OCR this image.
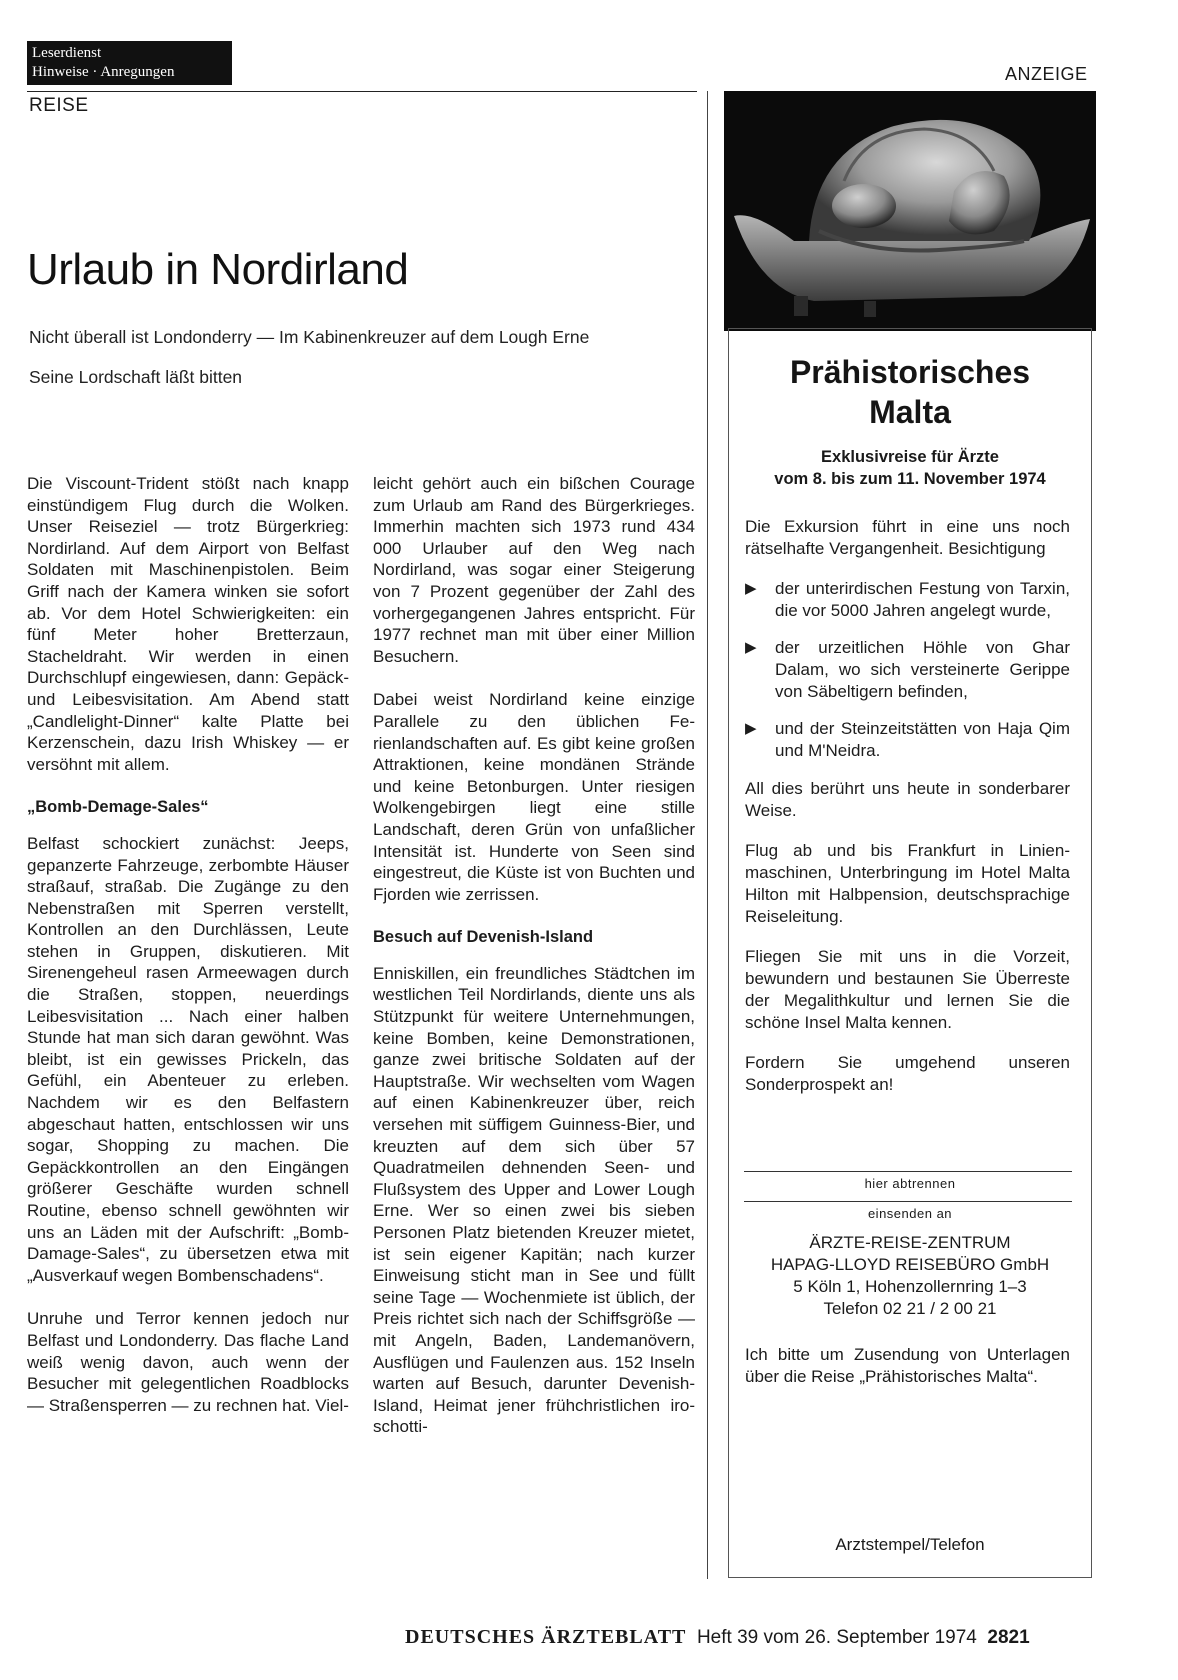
Leserdienst
Hinweise · Anregungen
REISE
ANZEIGE
Urlaub in Nordirland
Nicht überall ist Londonderry — Im Kabinenkreuzer auf dem Lough Erne
Seine Lordschaft läßt bitten

Die Viscount-Trident stößt nach knapp einstündigem Flug durch die Wolken. Unser Reiseziel — trotz Bürgerkrieg: Nordirland. Auf dem Airport von Belfast Soldaten mit Maschinenpistolen. Beim Griff nach der Kamera winken sie sofort ab. Vor dem Hotel Schwierigkeiten: ein fünf Meter hoher Bretterzaun, Stacheldraht. Wir werden in einen Durchschlupf eingewiesen, dann: Gepäck- und Leibesvisitation. Am Abend statt „Candlelight-Dinner“ kalte Platte bei Kerzenschein, dazu Irish Whiskey — er versöhnt mit allem.

„Bomb-Demage-Sales“

Belfast schockiert zunächst: Jeeps, gepanzerte Fahrzeuge, zerbombte Häuser straßauf, straßab. Die Zugänge zu den Nebenstraßen mit Sperren verstellt, Kontrollen an den Durchlässen, Leute stehen in Gruppen, diskutieren. Mit Sirenengeheul rasen Armeewagen durch die Straßen, stoppen, neuerdings Leibesvisitation ... Nach einer halben Stunde hat man sich daran gewöhnt. Was bleibt, ist ein gewisses Prickeln, das Gefühl, ein Abenteuer zu erleben. Nachdem wir es den Belfastern abgeschaut hatten, entschlossen wir uns sogar, Shopping zu machen. Die Gepäckkontrollen an den Eingängen größerer Geschäfte wurden schnell Routine, ebenso schnell gewöhnten wir uns an Läden mit der Aufschrift: „Bomb-Damage-Sales“, zu übersetzen etwa mit „Ausverkauf wegen Bombenschadens“.

Unruhe und Terror kennen jedoch nur Belfast und Londonderry. Das flache Land weiß wenig davon, auch wenn der Besucher mit gelegentlichen Roadblocks — Straßensperren — zu rechnen hat. Viel-

leicht gehört auch ein bißchen Courage zum Urlaub am Rand des Bürgerkrieges. Immerhin machten sich 1973 rund 434 000 Urlauber auf den Weg nach Nordirland, was sogar einer Steigerung von 7 Prozent gegenüber der Zahl des vorhergegangenen Jahres entspricht. Für 1977 rechnet man mit über einer Million Besuchern.

Dabei weist Nordirland keine einzige Parallele zu den üblichen Ferienlandschaften auf. Es gibt keine großen Attraktionen, keine mondänen Strände und keine Betonburgen. Unter riesigen Wolkengebirgen liegt eine stille Landschaft, deren Grün von unfaßlicher Intensität ist. Hunderte von Seen sind eingestreut, die Küste ist von Buchten und Fjorden wie zerrissen.

Besuch auf Devenish-Island

Enniskillen, ein freundliches Städtchen im westlichen Teil Nordirlands, diente uns als Stützpunkt für weitere Unternehmungen, keine Bomben, keine Demonstrationen, ganze zwei britische Soldaten auf der Hauptstraße. Wir wechselten vom Wagen auf einen Kabinenkreuzer über, reich versehen mit süffigem Guinness-Bier, und kreuzten auf dem sich über 57 Quadratmeilen dehnenden Seen- und Flußsystem des Upper and Lower Lough Erne. Wer so einen zwei bis sieben Personen Platz bietenden Kreuzer mietet, ist sein eigener Kapitän; nach kurzer Einweisung sticht man in See und füllt seine Tage — Wochenmiete ist üblich, der Preis richtet sich nach der Schiffsgröße — mit Angeln, Baden, Landemanövern, Ausflügen und Faulenzen aus. 152 Inseln warten auf Besuch, darunter Devenish-Island, Heimat jener frühchristlichen iro-schotti-

Prähistorisches
Malta
Exklusivreise für Ärzte
vom 8. bis zum 11. November 1974

Die Exkursion führt in eine uns noch rätselhafte Vergangenheit. Besichtigung

▶	der unterirdischen Festung von Tarxin, die vor 5000 Jahren angelegt wurde,
▶	der urzeitlichen Höhle von Ghar Dalam, wo sich versteinerte Gerippe von Säbeltigern befinden,
▶	und der Steinzeitstätten von Haja Qim und M'Neidra.

All dies berührt uns heute in sonderbarer Weise.

Flug ab und bis Frankfurt in Linienmaschinen, Unterbringung im Hotel Malta Hilton mit Halbpension, deutschsprachige Reiseleitung.

Fliegen Sie mit uns in die Vorzeit, bewundern und bestaunen Sie Überreste der Megalithkultur und lernen Sie die schöne Insel Malta kennen.

Fordern Sie umgehend unseren Sonderprospekt an!

hier abtrennen
einsenden an
ÄRZTE-REISE-ZENTRUM
HAPAG-LLOYD REISEBÜRO GmbH
5 Köln 1, Hohenzollernring 1–3
Telefon 02 21 / 2 00 21
Ich bitte um Zusendung von Unterlagen über die Reise „Prähistorisches Malta“.
Arztstempel/Telefon
DEUTSCHES ÄRZTEBLATT Heft 39 vom 26. September 1974 2821
